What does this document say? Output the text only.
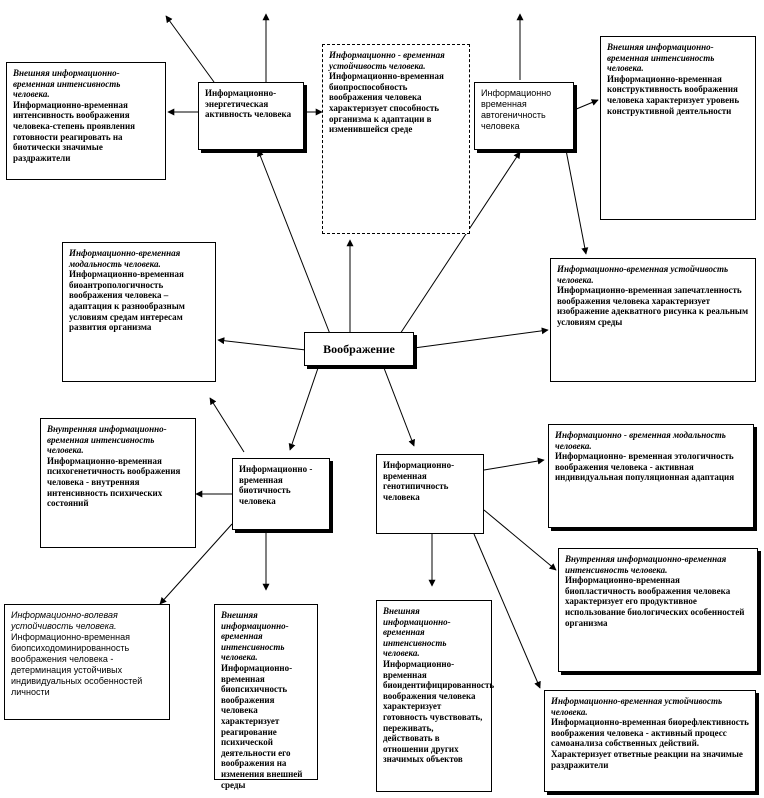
Воображение
Информационно-энергетическая активность человека
Информационно временная автогеничность человека
Информационно - временная биотичность человека
Информационно-временная генотипичность человека
Внешняя информационно-временная интенсивность человека.
Информационно-временная интенсивность воображения человека-степень проявления готовности реагировать на биотически значимые раздражители
Информационно - временная устойчивость человека.
Информационно-временная биопроспособность воображения человека характеризует способность организма к адаптации в изменившейся среде
Внешняя информационно-временная интенсивность человека.
Информационно-временная конструктивность воображения человека характеризует уровень конструктивной деятельности
Информационно-временная модальность человека.
Информационно-временная биоантропологичность воображения человека – адаптация к разнообразным условиям средам интересам развития организма
Информационно-временная устойчивость человека.
Информационно-временная запечатленность воображения человека характеризует изображение адекватного рисунка к реальным условиям среды
Внутренняя информационно-временная интенсивность человека.
Информационно-временная психогенетичность воображения человека - внутренняя интенсивность психических состояний
Информационно - временная модальность человека.
Информационно- временная этологичность воображения человека - активная индивидуальная популяционная адаптация
Внутренняя информационно-временная интенсивность человека.
Информационно-временная биопластичность воображения человека характеризует его продуктивное использование биологических особенностей организма
Информационно-волевая устойчивость человека.
Информационно-временная биопсиходоминированность воображения человека - детерминация устойчивых индивидуальных особенностей личности
Внешняя информационно-временная интенсивность человека.
Информационно-временная биопсихичность воображения человека характеризует реагирование психической деятельности его воображения на изменения внешней среды
Внешняя информационно-временная интенсивность человека.
Информационно-временная биоидентифицированность воображения человека характеризует готовность чувствовать, переживать, действовать в отношении других значимых объектов
Информационно-временная устойчивость человека.
Информационно-временная биорефлективность воображения человека - активный процесс самоанализа собственных действий. Характеризует ответные реакции на значимые раздражители
